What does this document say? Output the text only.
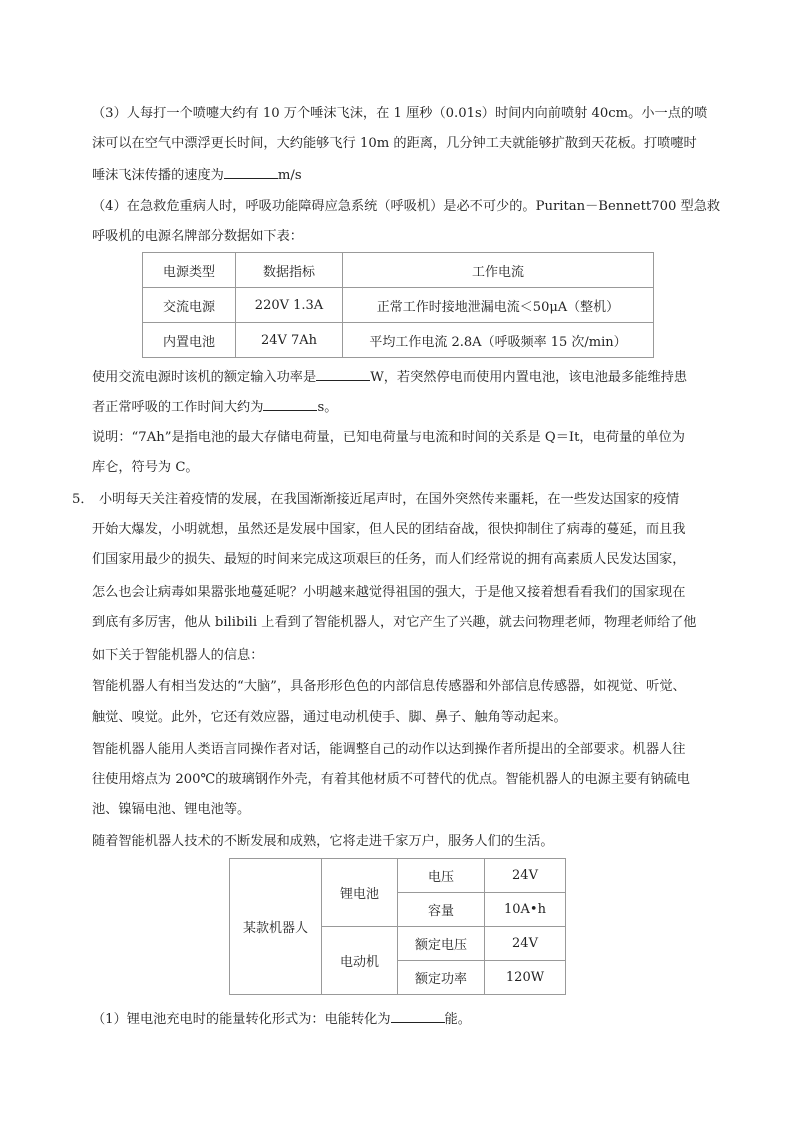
（3）人每打一个喷嚏大约有 10 万个唾沫飞沫，在 1 厘秒（0.01s）时间内向前喷射 40cm。小一点的喷
沫可以在空气中漂浮更长时间，大约能够飞行 10m 的距离，几分钟工夫就能够扩散到天花板。打喷嚏时
唾沫飞沫传播的速度为	m/s
（4）在急救危重病人时，呼吸功能障碍应急系统（呼吸机）是必不可少的。Puritan－Bennett700 型急救
呼吸机的电源名牌部分数据如下表：
电源类型	数据指标	工作电流
交流电源	220V 1.3A	正常工作时接地泄漏电流＜50μA（整机）
内置电池	24V 7Ah	平均工作电流 2.8A（呼吸频率 15 次/min）
使用交流电源时该机的额定输入功率是	W，若突然停电而使用内置电池，该电池最多能维持患
者正常呼吸的工作时间大约为	s。
说明：“7Ah”是指电池的最大存储电荷量，已知电荷量与电流和时间的关系是 Q＝It，电荷量的单位为
库仑，符号为 C。
5． 小明每天关注着疫情的发展，在我国渐渐接近尾声时，在国外突然传来噩耗，在一些发达国家的疫情
开始大爆发，小明就想，虽然还是发展中国家，但人民的团结奋战，很快抑制住了病毒的蔓延，而且我
们国家用最少的损失、最短的时间来完成这项艰巨的任务，而人们经常说的拥有高素质人民发达国家，
怎么也会让病毒如果嚣张地蔓延呢？小明越来越觉得祖国的强大，于是他又接着想看看我们的国家现在
到底有多厉害，他从 bilibili 上看到了智能机器人，对它产生了兴趣，就去问物理老师，物理老师给了他
如下关于智能机器人的信息：
智能机器人有相当发达的“大脑”，具备形形色色的内部信息传感器和外部信息传感器，如视觉、听觉、
触觉、嗅觉。此外，它还有效应器，通过电动机使手、脚、鼻子、触角等动起来。
智能机器人能用人类语言同操作者对话，能调整自己的动作以达到操作者所提出的全部要求。机器人往
往使用熔点为 200℃的玻璃钢作外壳，有着其他材质不可替代的优点。智能机器人的电源主要有钠硫电
池、镍镉电池、锂电池等。
随着智能机器人技术的不断发展和成熟，它将走进千家万户，服务人们的生活。
某款机器人	锂电池	电压	24V
		容量	10A•h
	电动机	额定电压	24V
		额定功率	120W
（1）锂电池充电时的能量转化形式为：电能转化为	能。
